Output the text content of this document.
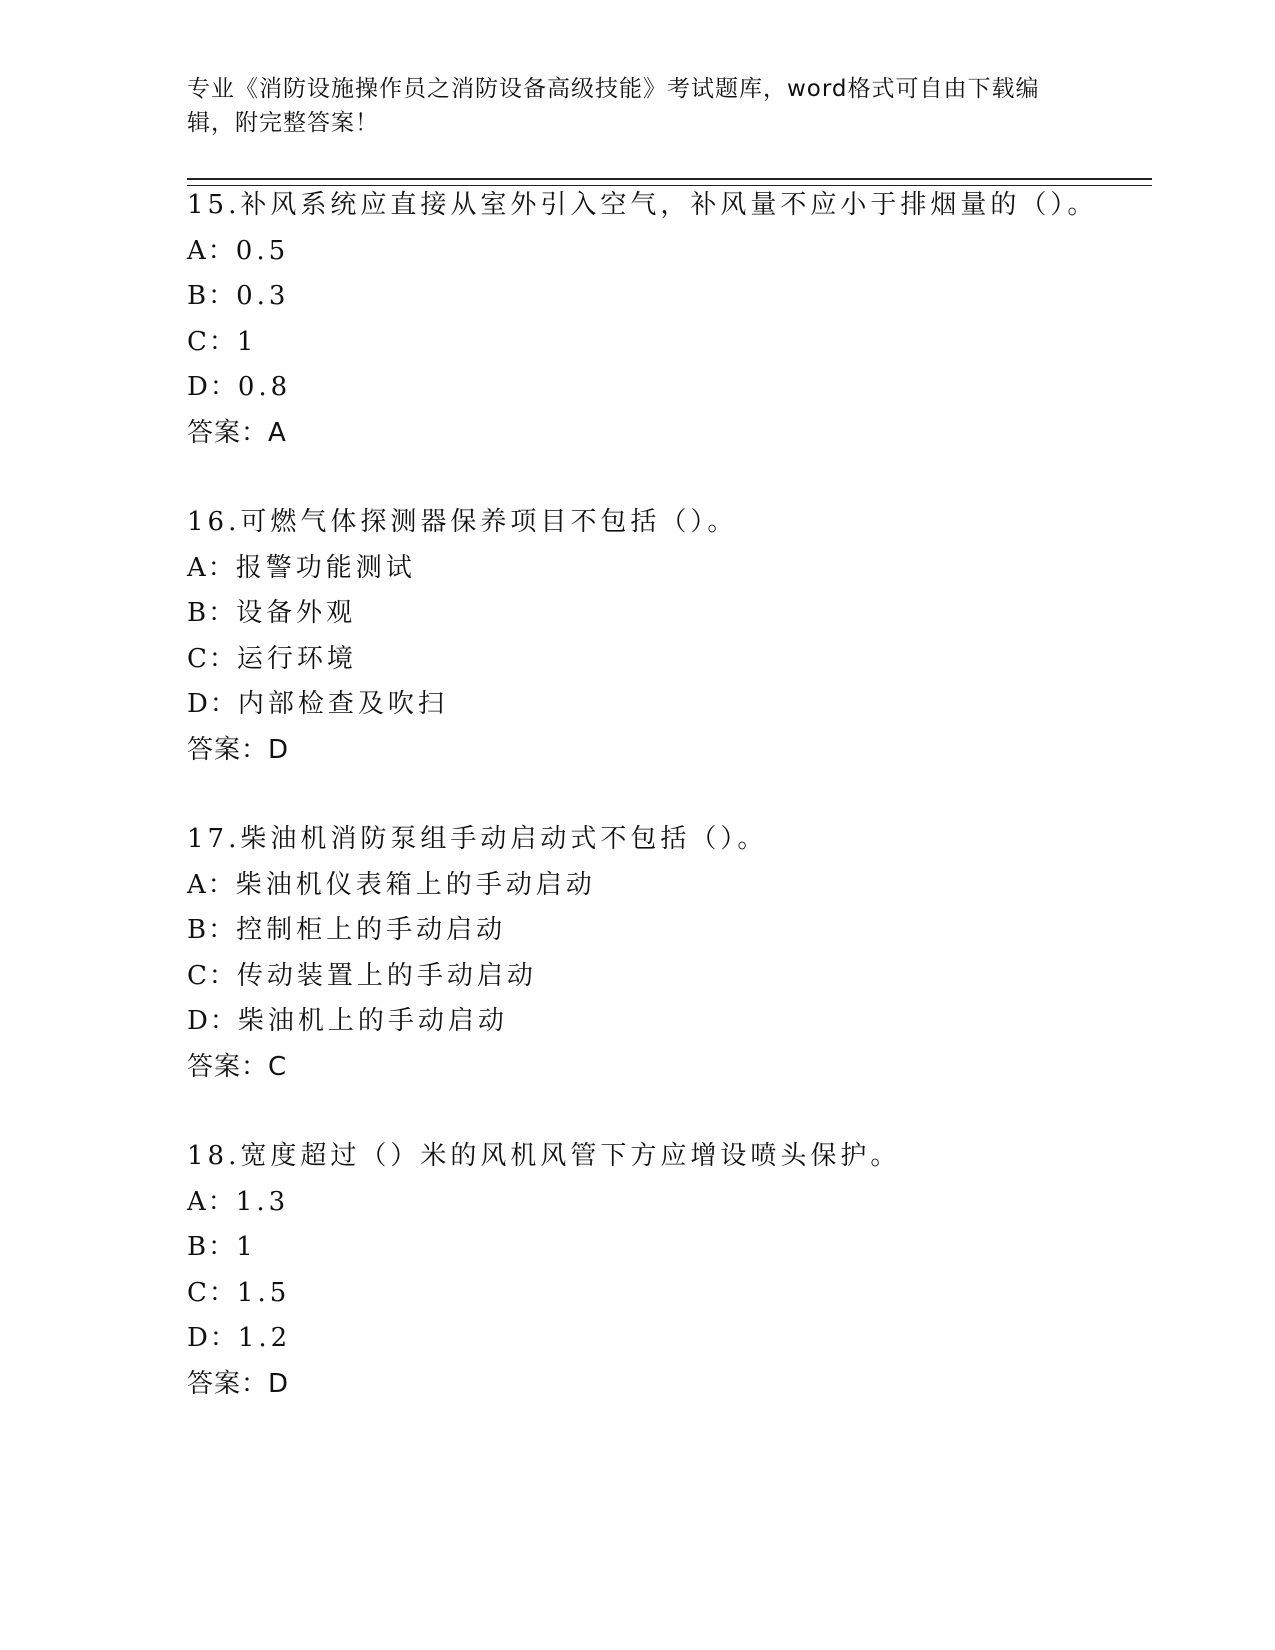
专业《消防设施操作员之消防设备高级技能》考试题库，word格式可自由下载编
辑，附完整答案！
15.补风系统应直接从室外引入空气，补风量不应小于排烟量的（）。
A：0.5
B：0.3
C：1
D：0.8
答案：A
16.可燃气体探测器保养项目不包括（）。
A：报警功能测试
B：设备外观
C：运行环境
D：内部检查及吹扫
答案：D
17.柴油机消防泵组手动启动式不包括（）。
A：柴油机仪表箱上的手动启动
B：控制柜上的手动启动
C：传动装置上的手动启动
D：柴油机上的手动启动
答案：C
18.宽度超过（）米的风机风管下方应增设喷头保护。
A：1.3
B：1
C：1.5
D：1.2
答案：D
